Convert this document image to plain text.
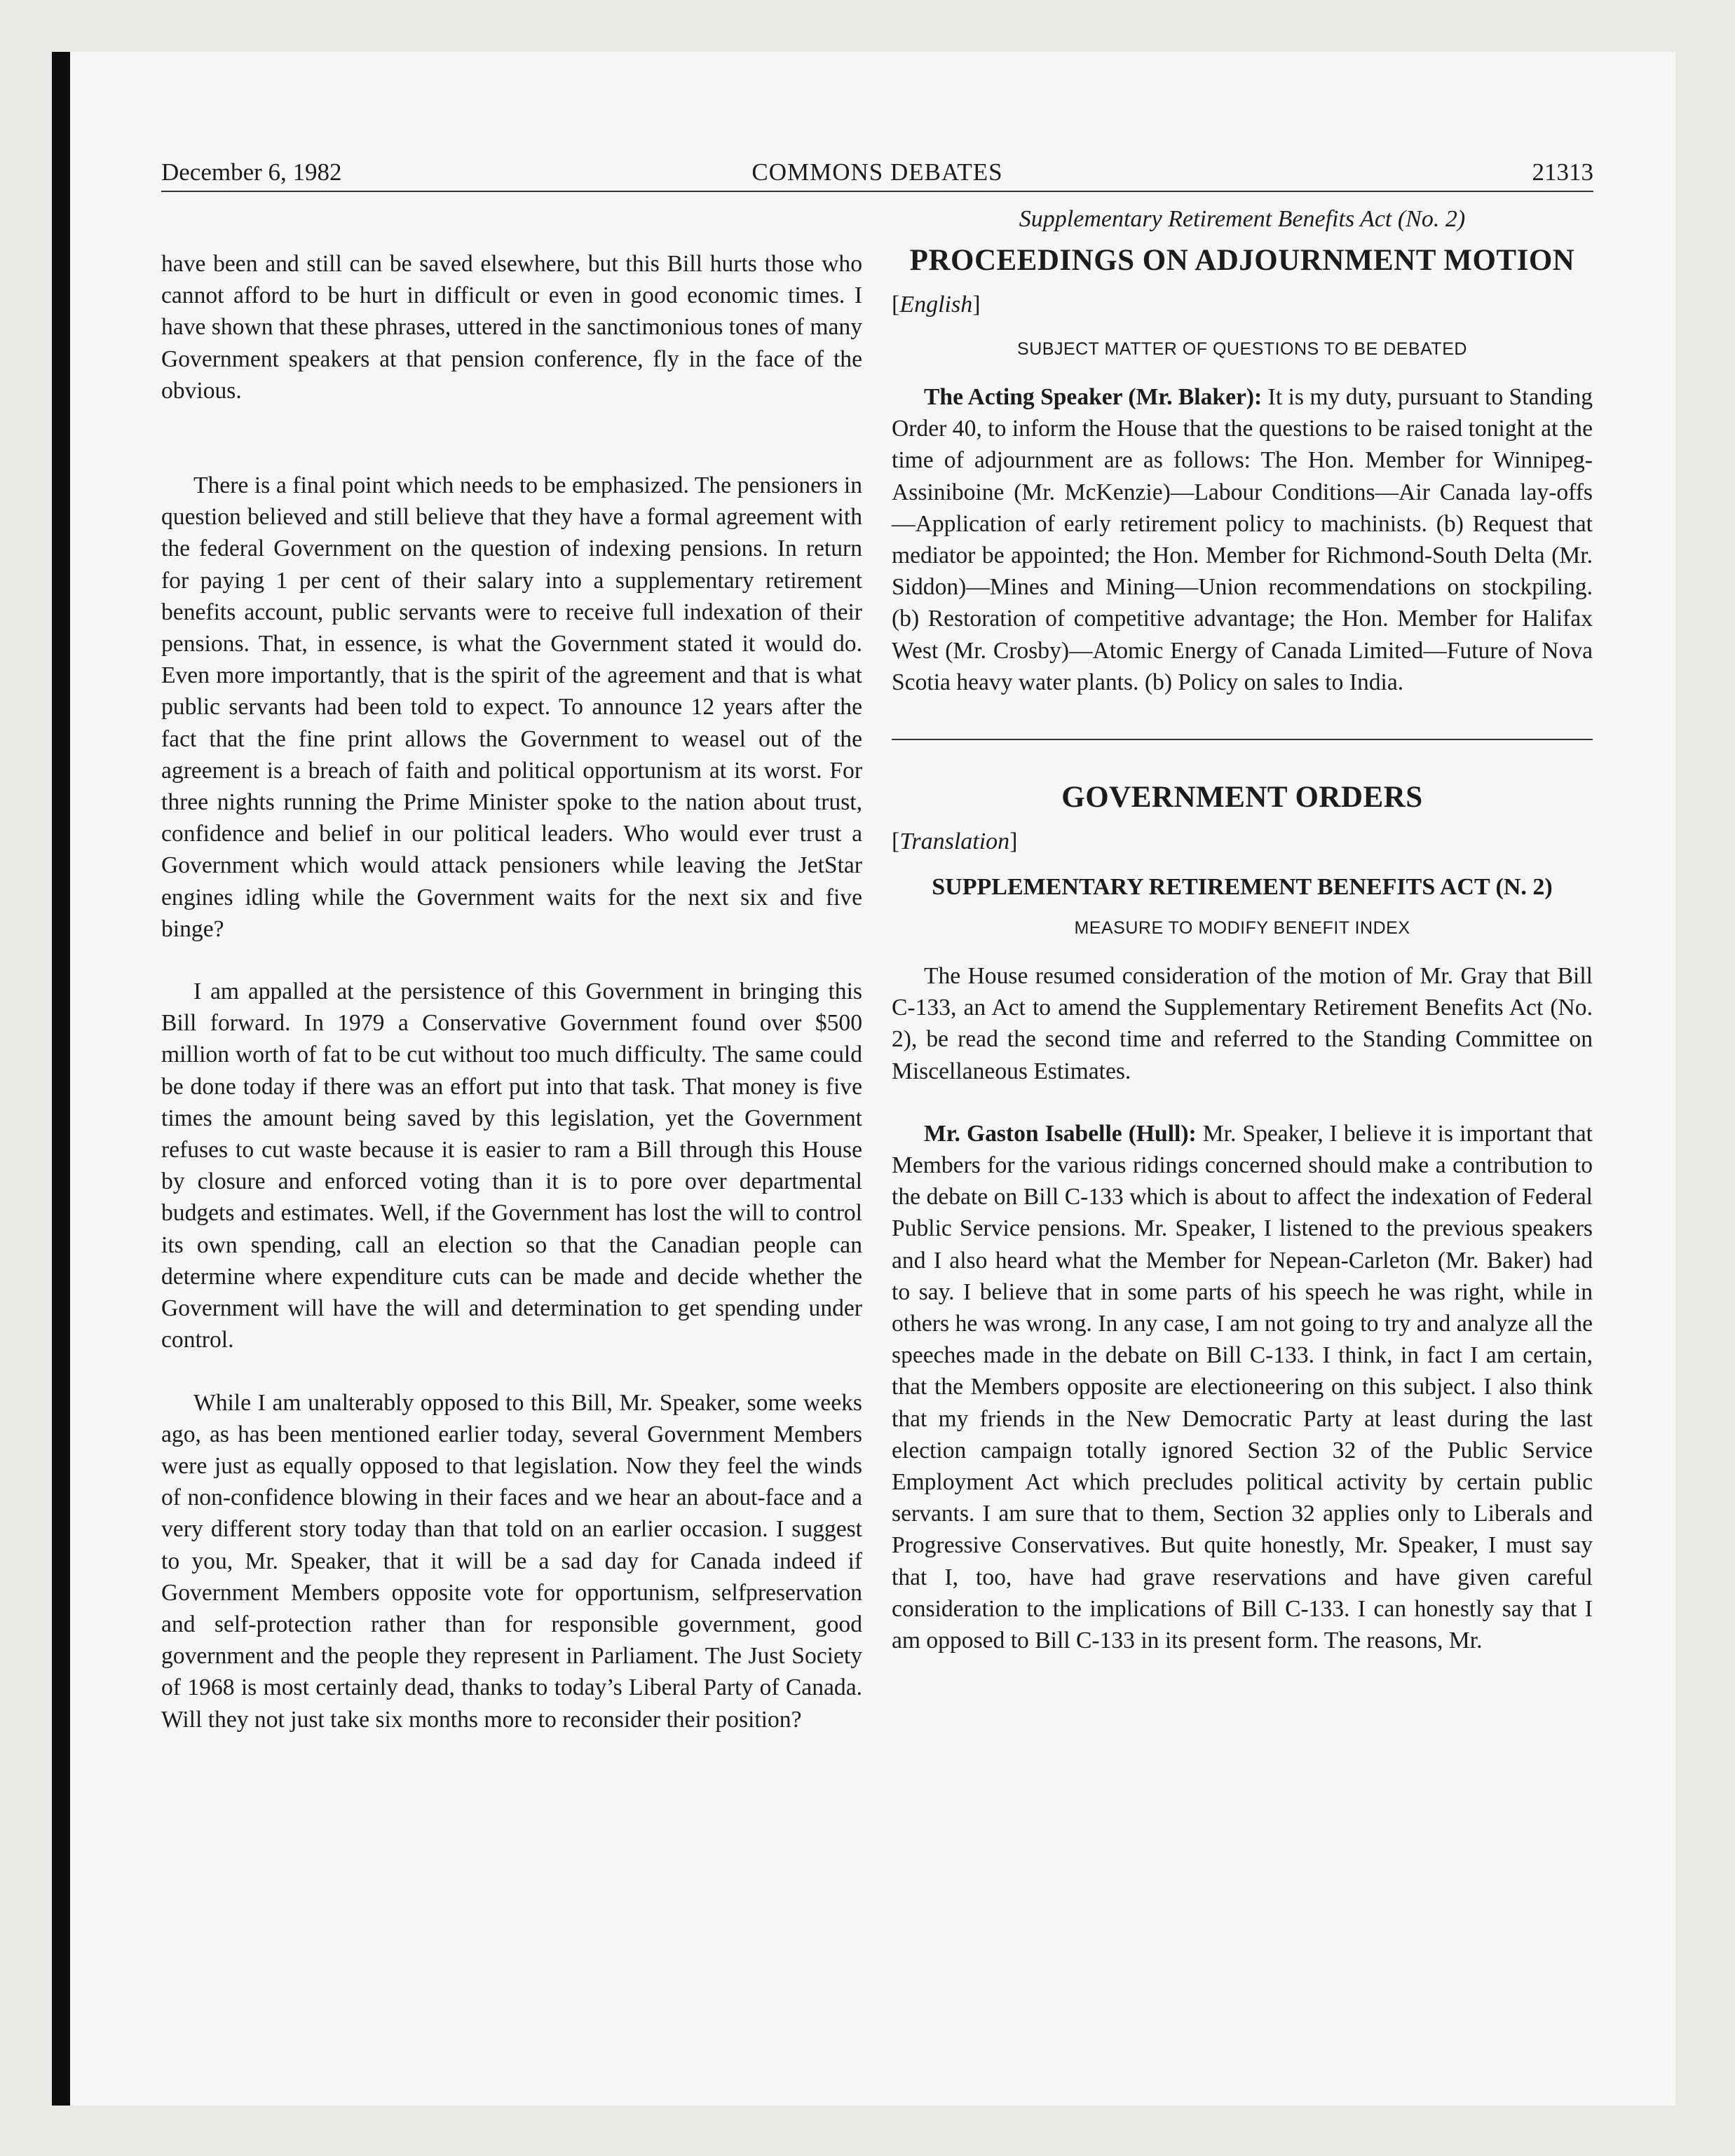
COMMONS DEBATES
December 6, 1982	21313

have been and still can be saved elsewhere, but this Bill hurts those who cannot afford to be hurt in difficult or even in good economic times. I have shown that these phrases, uttered in the sanctimonious tones of many Government speakers at that pension conference, fly in the face of the obvious.

There is a final point which needs to be emphasized. The pensioners in question believed and still believe that they have a formal agreement with the federal Government on the question of indexing pensions. In return for paying 1 per cent of their salary into a supplementary retirement benefits account, public servants were to receive full indexation of their pensions. That, in essence, is what the Government stated it would do. Even more importantly, that is the spirit of the agreement and that is what public servants had been told to expect. To announce 12 years after the fact that the fine print allows the Government to weasel out of the agreement is a breach of faith and political opportunism at its worst. For three nights running the Prime Minister spoke to the nation about trust, confidence and belief in our political leaders. Who would ever trust a Government which would attack pensioners while leaving the JetStar engines idling while the Government waits for the next six and five binge?

I am appalled at the persistence of this Government in bringing this Bill forward. In 1979 a Conservative Government found over $500 million worth of fat to be cut without too much difficulty. The same could be done today if there was an effort put into that task. That money is five times the amount being saved by this legislation, yet the Government refuses to cut waste because it is easier to ram a Bill through this House by closure and enforced voting than it is to pore over departmental budgets and estimates. Well, if the Government has lost the will to control its own spending, call an election so that the Canadian people can determine where expenditure cuts can be made and decide whether the Government will have the will and determination to get spending under control.

While I am unalterably opposed to this Bill, Mr. Speaker, some weeks ago, as has been mentioned earlier today, several Government Members were just as equally opposed to that legislation. Now they feel the winds of non-confidence blowing in their faces and we hear an about-face and a very different story today than that told on an earlier occasion. I suggest to you, Mr. Speaker, that it will be a sad day for Canada indeed if Government Members opposite vote for opportunism, selfpreservation and self-protection rather than for responsible government, good government and the people they represent in Parliament. The Just Society of 1968 is most certainly dead, thanks to today’s Liberal Party of Canada. Will they not just take six months more to reconsider their position?

Supplementary Retirement Benefits Act (No. 2)
PROCEEDINGS ON ADJOURNMENT MOTION
[English]
SUBJECT MATTER OF QUESTIONS TO BE DEBATED

The Acting Speaker (Mr. Blaker): It is my duty, pursuant to Standing Order 40, to inform the House that the questions to be raised tonight at the time of adjournment are as follows: The Hon. Member for Winnipeg-Assiniboine (Mr. McKenzie)—Labour Conditions—Air Canada lay-offs—Application of early retirement policy to machinists. (b) Request that mediator be appointed; the Hon. Member for Richmond-South Delta (Mr. Siddon)—Mines and Mining—Union recommendations on stockpiling. (b) Restoration of competitive advantage; the Hon. Member for Halifax West (Mr. Crosby)—Atomic Energy of Canada Limited—Future of Nova Scotia heavy water plants. (b) Policy on sales to India.

GOVERNMENT ORDERS
[Translation]
SUPPLEMENTARY RETIREMENT BENEFITS ACT (N. 2)
MEASURE TO MODIFY BENEFIT INDEX

The House resumed consideration of the motion of Mr. Gray that Bill C-133, an Act to amend the Supplementary Retirement Benefits Act (No. 2), be read the second time and referred to the Standing Committee on Miscellaneous Estimates.

Mr. Gaston Isabelle (Hull): Mr. Speaker, I believe it is important that Members for the various ridings concerned should make a contribution to the debate on Bill C-133 which is about to affect the indexation of Federal Public Service pensions. Mr. Speaker, I listened to the previous speakers and I also heard what the Member for Nepean-Carleton (Mr. Baker) had to say. I believe that in some parts of his speech he was right, while in others he was wrong. In any case, I am not going to try and analyze all the speeches made in the debate on Bill C-133. I think, in fact I am certain, that the Members opposite are electioneering on this subject. I also think that my friends in the New Democratic Party at least during the last election campaign totally ignored Section 32 of the Public Service Employment Act which precludes political activity by certain public servants. I am sure that to them, Section 32 applies only to Liberals and Progressive Conservatives. But quite honestly, Mr. Speaker, I must say that I, too, have had grave reservations and have given careful consideration to the implications of Bill C-133. I can honestly say that I am opposed to Bill C-133 in its present form. The reasons, Mr.
